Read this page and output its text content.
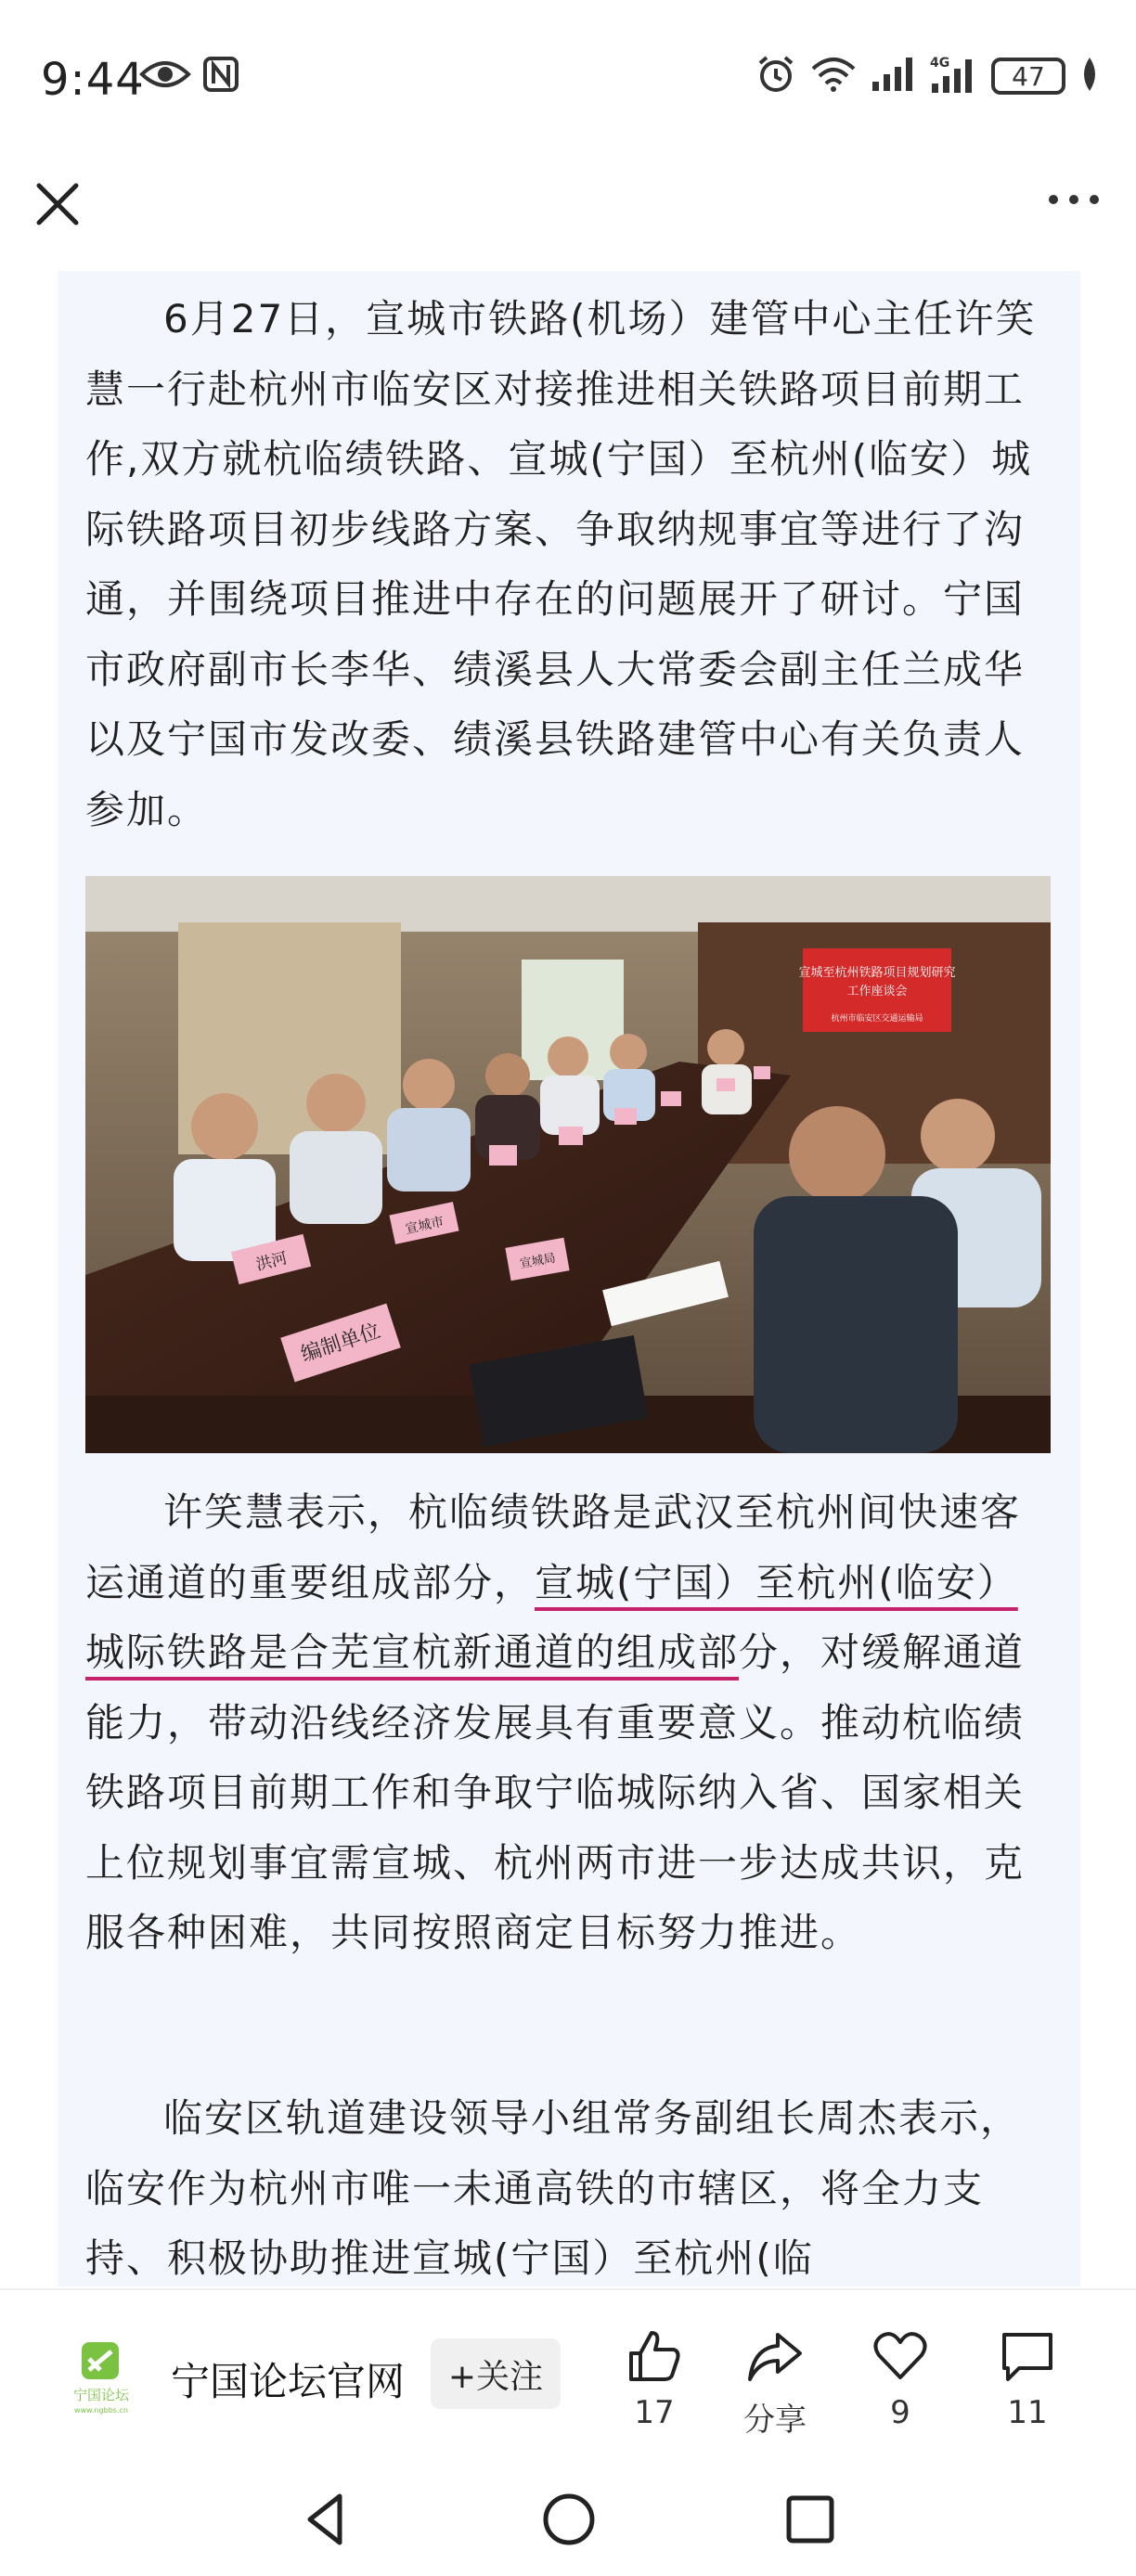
9:44	4G	47

6月27日，宣城市铁路(机场）建管中心主任许笑慧一行赴杭州市临安区对接推进相关铁路项目前期工作,双方就杭临绩铁路、宣城(宁国）至杭州(临安）城际铁路项目初步线路方案、争取纳规事宜等进行了沟通，并围绕项目推进中存在的问题展开了研讨。宁国市政府副市长李华、绩溪县人大常委会副主任兰成华以及宁国市发改委、绩溪县铁路建管中心有关负责人参加。

宣城至杭州铁路项目规划研究
工作座谈会
杭州市临安区交通运输局
编制单位
洪河
宣城市
宣城局

许笑慧表示，杭临绩铁路是武汉至杭州间快速客运通道的重要组成部分，宣城(宁国）至杭州(临安）城际铁路是合芜宣杭新通道的组成部分，对缓解通道能力，带动沿线经济发展具有重要意义。推动杭临绩铁路项目前期工作和争取宁临城际纳入省、国家相关上位规划事宜需宣城、杭州两市进一步达成共识，克服各种困难，共同按照商定目标努力推进。

临安区轨道建设领导小组常务副组长周杰表示，临安作为杭州市唯一未通高铁的市辖区，将全力支持、积极协助推进宣城(宁国）至杭州(临

宁国论坛
www.ngbbs.cn
宁国论坛官网	+关注
17	分享	9	11
